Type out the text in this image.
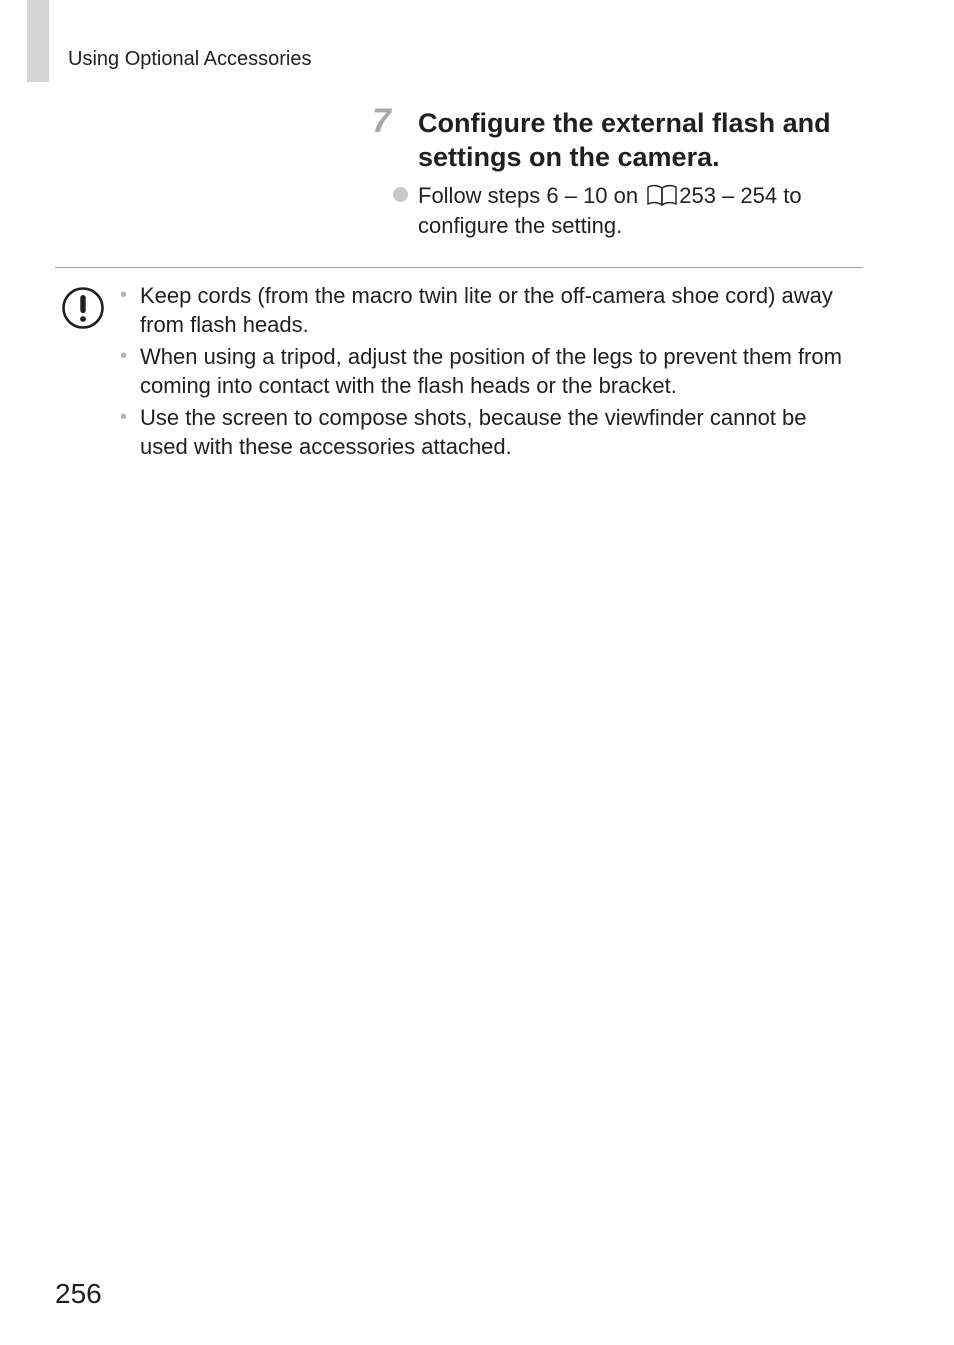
Using Optional Accessories
7 Configure the external flash and settings on the camera.
Follow steps 6 – 10 on 253 – 254 to configure the setting.
• Keep cords (from the macro twin lite or the off-camera shoe cord) away from flash heads.
• When using a tripod, adjust the position of the legs to prevent them from coming into contact with the flash heads or the bracket.
• Use the screen to compose shots, because the viewfinder cannot be used with these accessories attached.
256
